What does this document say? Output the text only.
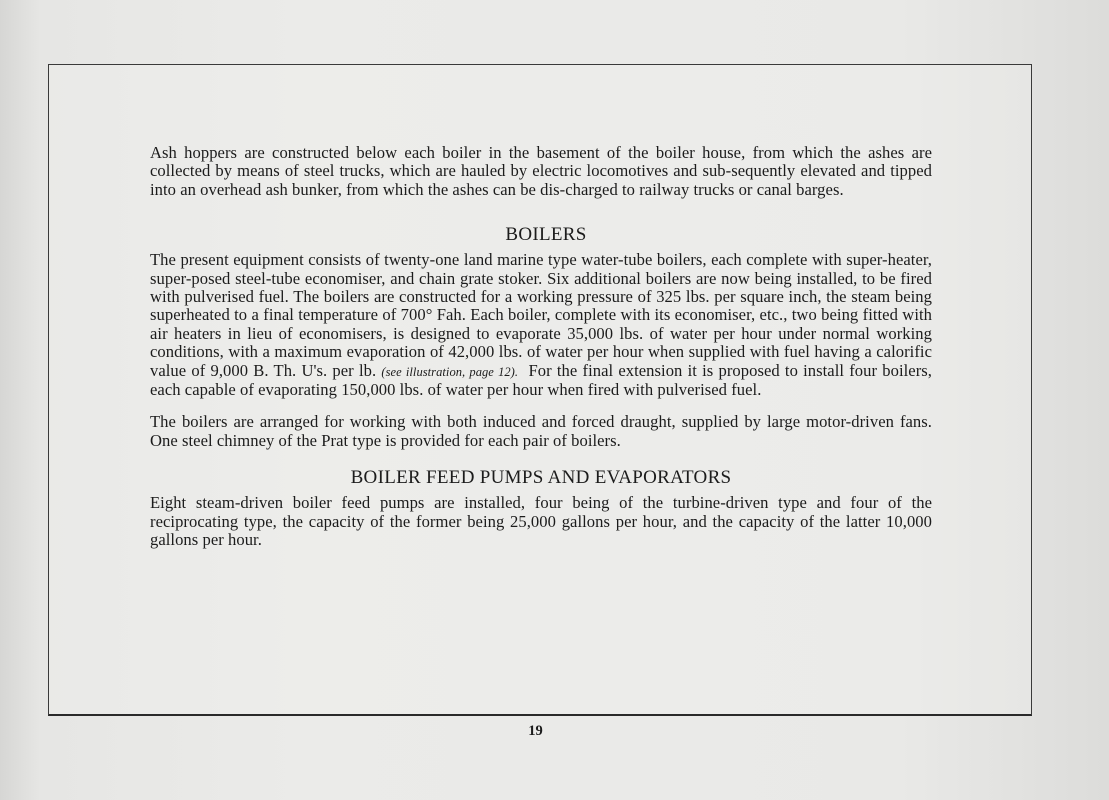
Ash hoppers are constructed below each boiler in the basement of the boiler house, from which the ashes are collected by means of steel trucks, which are hauled by electric locomotives and sub-sequently elevated and tipped into an overhead ash bunker, from which the ashes can be dis-charged to railway trucks or canal barges.

BOILERS

The present equipment consists of twenty-one land marine type water-tube boilers, each complete with super-heater, super-posed steel-tube economiser, and chain grate stoker. Six additional boilers are now being installed, to be fired with pulverised fuel. The boilers are constructed for a working pressure of 325 lbs. per square inch, the steam being superheated to a final temperature of 700° Fah. Each boiler, complete with its economiser, etc., two being fitted with air heaters in lieu of economisers, is designed to evaporate 35,000 lbs. of water per hour under normal working conditions, with a maximum evaporation of 42,000 lbs. of water per hour when supplied with fuel having a calorific value of 9,000 B. Th. U's. per lb. (see illustration, page 12). For the final extension it is proposed to install four boilers, each capable of evaporating 150,000 lbs. of water per hour when fired with pulverised fuel.

The boilers are arranged for working with both induced and forced draught, supplied by large motor-driven fans. One steel chimney of the Prat type is provided for each pair of boilers.

BOILER FEED PUMPS AND EVAPORATORS

Eight steam-driven boiler feed pumps are installed, four being of the turbine-driven type and four of the reciprocating type, the capacity of the former being 25,000 gallons per hour, and the capacity of the latter 10,000 gallons per hour.

19
